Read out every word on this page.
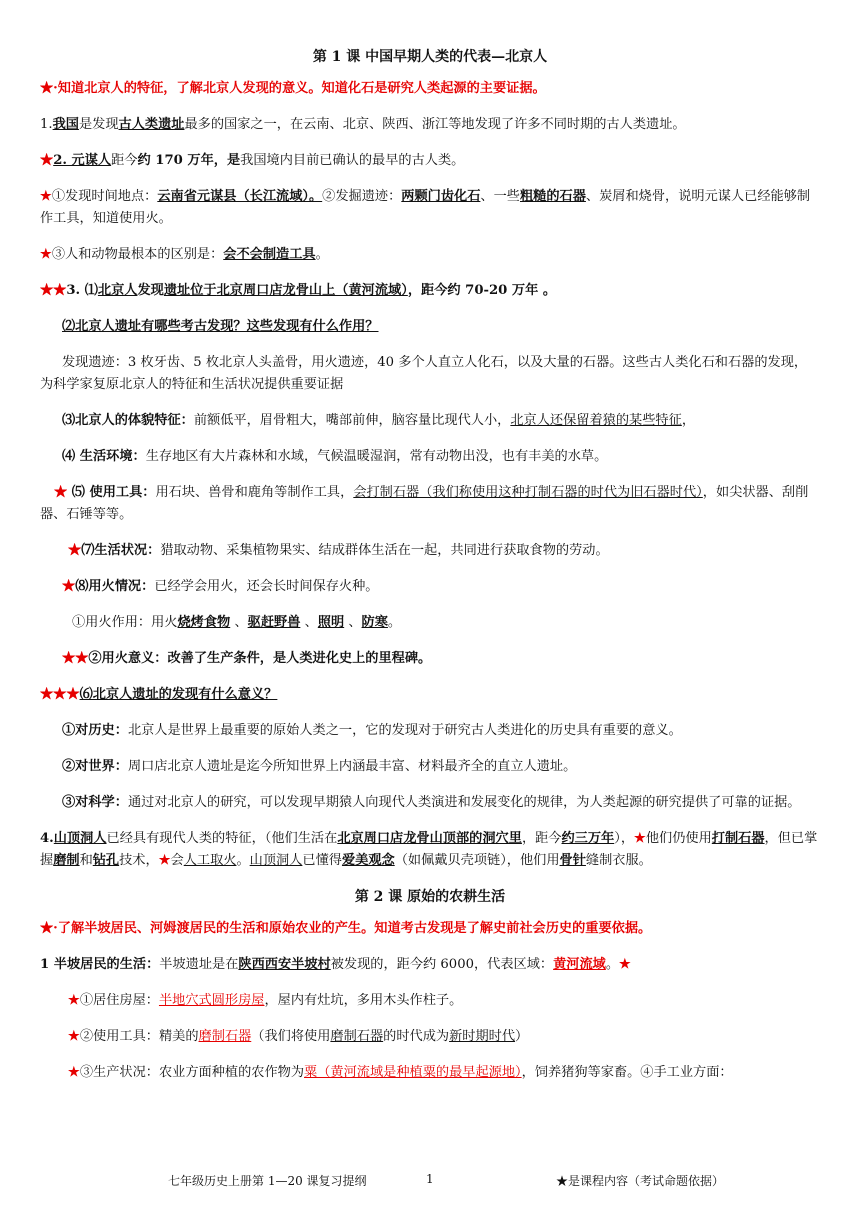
第 1 课 中国早期人类的代表—北京人
★·知道北京人的特征，了解北京人发现的意义。知道化石是研究人类起源的主要证据。
1.我国是发现古人类遗址最多的国家之一，在云南、北京、陕西、浙江等地发现了许多不同时期的古人类遗址。
★2. 元谋人距今约 170 万年，是我国境内目前已确认的最早的古人类。
★①发现时间地点：云南省元谋县（长江流域）。②发掘遗迹：两颗门齿化石、一些粗糙的石器、炭屑和烧骨，说明元谋人已经能够制作工具，知道使用火。
★③人和动物最根本的区别是：会不会制造工具。
★★3. ⑴北京人发现遗址位于北京周口店龙骨山上（黄河流域），距今约 70-20 万年 。
⑵北京人遗址有哪些考古发现？这些发现有什么作用？
发现遗迹：3 枚牙齿、5 枚北京人头盖骨，用火遗迹，40 多个人直立人化石，以及大量的石器。这些古人类化石和石器的发现，为科学家复原北京人的特征和生活状况提供重要证据
⑶北京人的体貌特征：前额低平，眉骨粗大，嘴部前伸，脑容量比现代人小，北京人还保留着猿的某些特征，
⑷ 生活环境：生存地区有大片森林和水域，气候温暖湿润，常有动物出没，也有丰美的水草。
★ ⑸ 使用工具：用石块、兽骨和鹿角等制作工具，会打制石器（我们称使用这种打制石器的时代为旧石器时代），如尖状器、刮削器、石锤等等。
★⑺生活状况：猎取动物、采集植物果实、结成群体生活在一起，共同进行获取食物的劳动。
★⑻用火情况：已经学会用火，还会长时间保存火种。
①用火作用：用火烧烤食物 、驱赶野兽 、照明 、防寒。
★★②用火意义：改善了生产条件，是人类进化史上的里程碑。
★★★⑹北京人遗址的发现有什么意义？
①对历史：北京人是世界上最重要的原始人类之一，它的发现对于研究古人类进化的历史具有重要的意义。
②对世界：周口店北京人遗址是迄今所知世界上内涵最丰富、材料最齐全的直立人遗址。
③对科学：通过对北京人的研究，可以发现早期猿人向现代人类演进和发展变化的规律，为人类起源的研究提供了可靠的证据。
4.山顶洞人已经具有现代人类的特征，（他们生活在北京周口店龙骨山顶部的洞穴里，距今约三万年），★他们仍使用打制石器，但已掌握磨制和钻孔技术，★会人工取火。山顶洞人已懂得爱美观念（如佩戴贝壳项链），他们用骨针缝制衣服。
第 2 课 原始的农耕生活
★·了解半坡居民、河姆渡居民的生活和原始农业的产生。知道考古发现是了解史前社会历史的重要依据。
1 半坡居民的生活：半坡遗址是在陕西西安半坡村被发现的，距今约 6000，代表区域：黄河流域。★
★①居住房屋：半地穴式圆形房屋，屋内有灶坑，多用木头作柱子。
★②使用工具：精美的磨制石器（我们将使用磨制石器的时代成为新时期时代）
★③生产状况：农业方面种植的农作物为粟（黄河流域是种植粟的最早起源地），饲养猪狗等家畜。④手工业方面：
七年级历史上册第 1—20 课复习提纲	1	★是课程内容（考试命题依据）
